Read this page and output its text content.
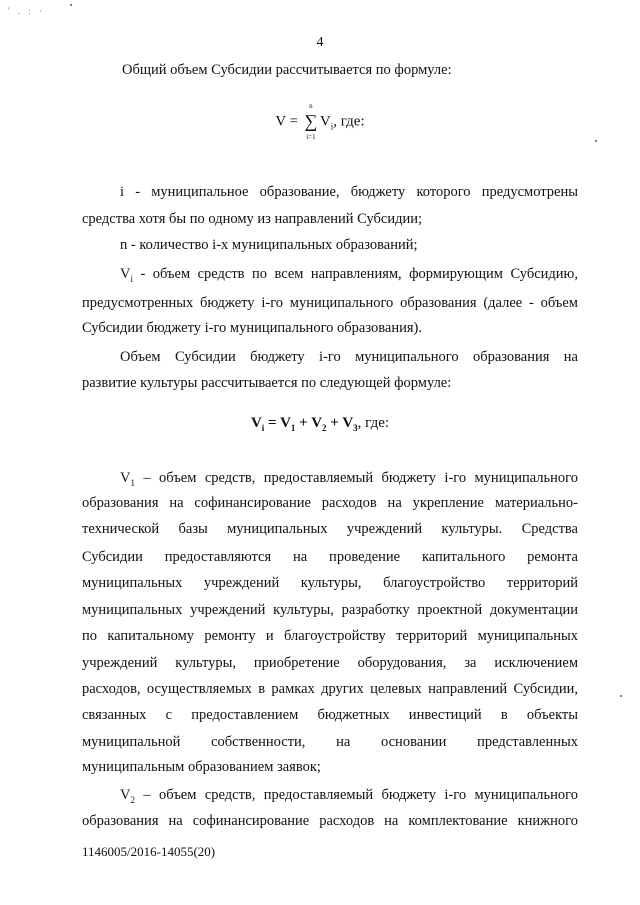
' . : ·
4

Общий объем Субсидии рассчитывается по формуле:

V =
n
∑
i=1
$V_i$, где:

i - муниципальное образование, бюджету которого предусмотрены

средства хотя бы по одному из направлений Субсидии;

n - количество i-х муниципальных образований;

$V_i$ - объем средств по всем направлениям, формирующим Субсидию,

предусмотренных бюджету i-го муниципального образования (далее - объем

Субсидии бюджету i-го муниципального образования).

Объем Субсидии бюджету i-го муниципального образования на

развитие культуры рассчитывается по следующей формуле:

$V_i = V_1 + V_2 + V_3$, где:

$V_1$ – объем средств, предоставляемый бюджету i-го муниципального

образования на софинансирование расходов на укрепление материально-

технической базы муниципальных учреждений культуры. Средства

Субсидии предоставляются на проведение капитального ремонта

муниципальных учреждений культуры, благоустройство территорий

муниципальных учреждений культуры, разработку проектной документации

по капитальному ремонту и благоустройству территорий муниципальных

учреждений культуры, приобретение оборудования, за исключением

расходов, осуществляемых в рамках других целевых направлений Субсидии,

связанных с предоставлением бюджетных инвестиций в объекты

муниципальной собственности, на основании представленных

муниципальным образованием заявок;

$V_2$ – объем средств, предоставляемый бюджету i-го муниципального

образования на софинансирование расходов на комплектование книжного

1146005/2016-14055(20)
